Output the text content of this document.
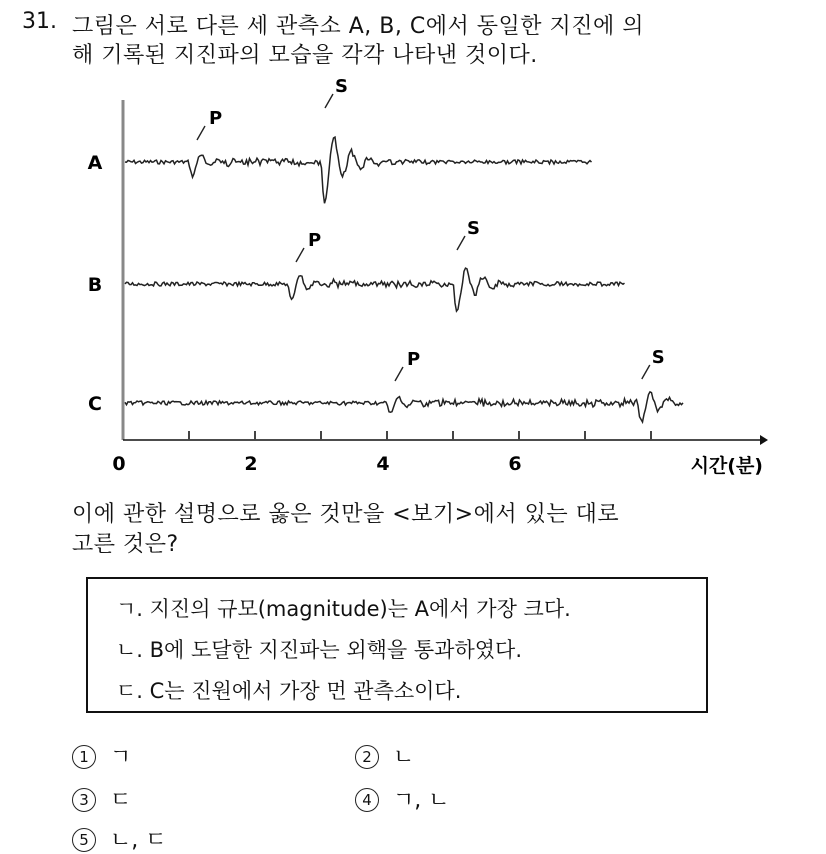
31. 그림은 서로 다른 세 관측소 A, B, C에서 동일한 지진에 의
해 기록된 지진파의 모습을 각각 나타낸 것이다.
0	2	4	6	시간(분)
A
P
S
B
P
S
C
P	S
이에 관한 설명으로 옳은 것만을 <보기>에서 있는 대로
고른 것은?
ㄱ. 지진의 규모(magnitude)는 A에서 가장 크다.
ㄴ. B에 도달한 지진파는 외핵을 통과하였다.
ㄷ. C는 진원에서 가장 먼 관측소이다.
1 ㄱ	2 ㄴ
3 ㄷ	4 ㄱ, ㄴ
5 ㄴ, ㄷ
